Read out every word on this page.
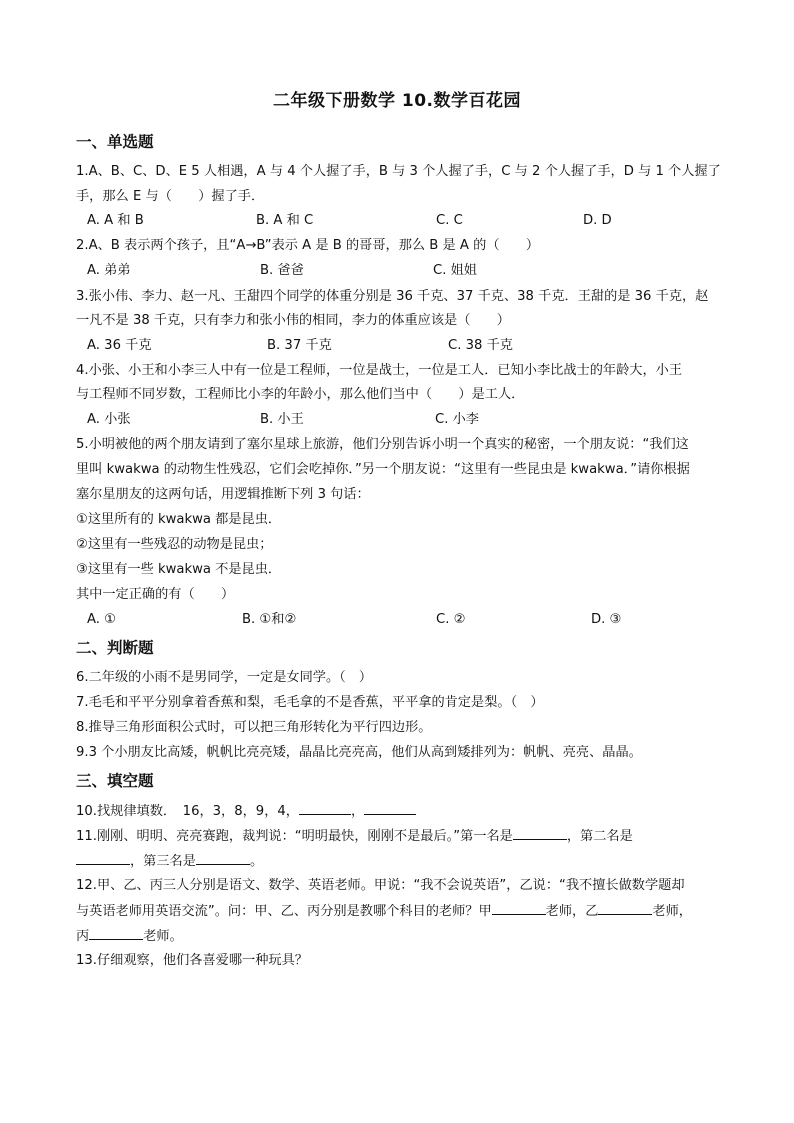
二年级下册数学 10.数学百花园
一、单选题
1.A、B、C、D、E 5 人相遇，A 与 4 个人握了手，B 与 3 个人握了手，C 与 2 个人握了手，D 与 1 个人握了
手，那么 E 与（　　）握了手．
A. A 和 B	B. A 和 C	C. C	D. D
2.A、B 表示两个孩子，且“A→B”表示 A 是 B 的哥哥，那么 B 是 A 的（　　）
A. 弟弟	B. 爸爸	C. 姐姐
3.张小伟、李力、赵一凡、王甜四个同学的体重分别是 36 千克、37 千克、38 千克．王甜的是 36 千克，赵
一凡不是 38 千克，只有李力和张小伟的相同，李力的体重应该是（　　）
A. 36 千克	B. 37 千克	C. 38 千克
4.小张、小王和小李三人中有一位是工程师，一位是战士，一位是工人．已知小李比战士的年龄大，小王
与工程师不同岁数，工程师比小李的年龄小，那么他们当中（　　）是工人．
A. 小张	B. 小王	C. 小李
5.小明被他的两个朋友请到了塞尔星球上旅游，他们分别告诉小明一个真实的秘密，一个朋友说：“我们这
里叫 kwakwa 的动物生性残忍，它们会吃掉你．”另一个朋友说：“这里有一些昆虫是 kwakwa．”请你根据
塞尔星朋友的这两句话，用逻辑推断下列 3 句话：
①这里所有的 kwakwa 都是昆虫．
②这里有一些残忍的动物是昆虫；
③这里有一些 kwakwa 不是昆虫．
其中一定正确的有（　　）
A. ①	B. ①和②	C. ②	D. ③
二、判断题
6.二年级的小雨不是男同学，一定是女同学。（　）
7.毛毛和平平分别拿着香蕉和梨，毛毛拿的不是香蕉，平平拿的肯定是梨。（　）
8.推导三角形面积公式时，可以把三角形转化为平行四边形。
9.3 个小朋友比高矮，帆帆比亮亮矮，晶晶比亮亮高，他们从高到矮排列为：帆帆、亮亮、晶晶。
三、填空题
10.找规律填数．　16，3，8，9，4，	，
11.刚刚、明明、亮亮赛跑，裁判说：“明明最快，刚刚不是最后。”第一名是	，第二名是
，第三名是	。
12.甲、乙、丙三人分别是语文、数学、英语老师。甲说：“我不会说英语”，乙说：“我不擅长做数学题却
与英语老师用英语交流”。问：甲、乙、丙分别是教哪个科目的老师？甲	老师，乙	老师，
丙	老师。
13.仔细观察，他们各喜爱哪一种玩具？
